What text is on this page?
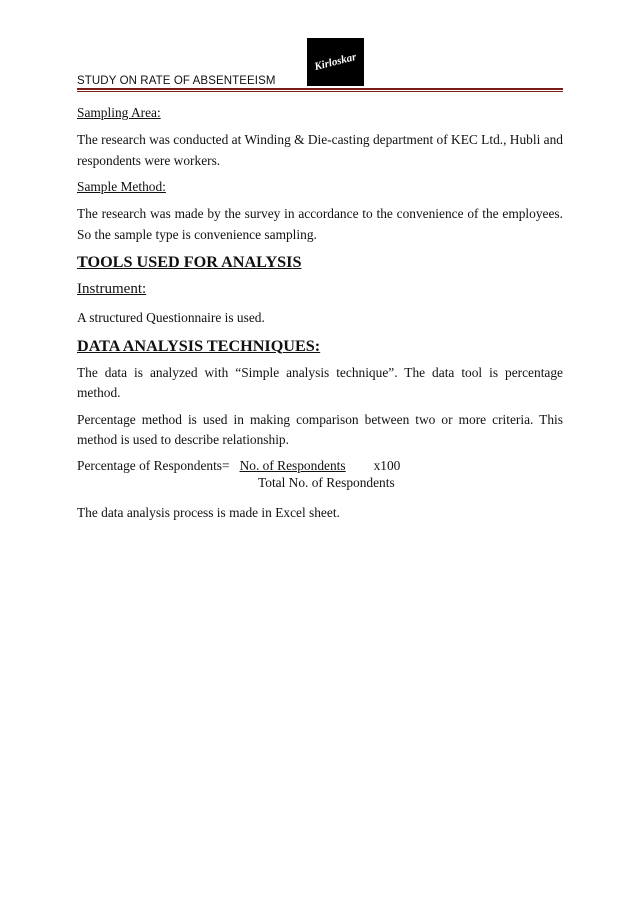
STUDY ON RATE OF ABSENTEEISM
Kirloskar
Sampling Area:

The research was conducted at Winding & Die-casting department of KEC Ltd., Hubli and respondents were workers.

Sample Method:

The research was made by the survey in accordance to the convenience of the employees. So the sample type is convenience sampling.

TOOLS USED FOR ANALYSIS
Instrument:

A structured Questionnaire is used.

DATA ANALYSIS TECHNIQUES:

The data is analyzed with “Simple analysis technique”. The data tool is percentage method.

Percentage method is used in making comparison between two or more criteria. This method is used to describe relationship.

Percentage of Respondents= No. of Respondents x100
Total No. of Respondents

The data analysis process is made in Excel sheet.
